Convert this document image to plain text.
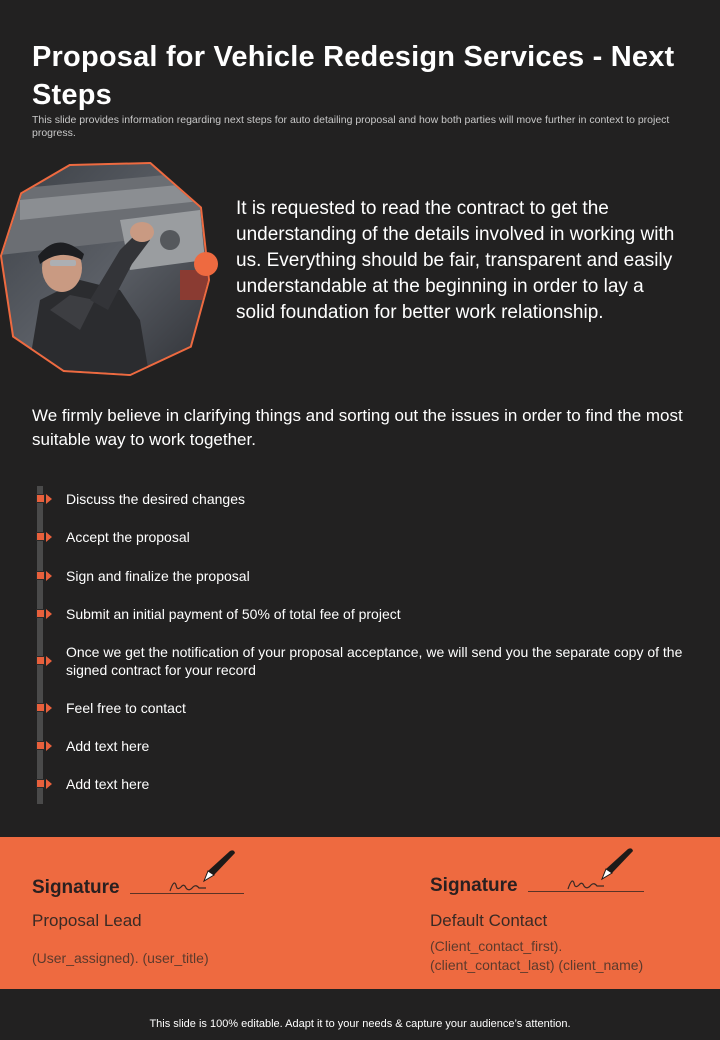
Proposal for Vehicle Redesign Services - Next Steps
This slide provides information regarding next steps for auto detailing proposal and how both parties will move further in context to project progress.
It is requested to read the contract to get the understanding of the details involved in working with us. Everything should be fair, transparent and easily understandable at the beginning in order to lay a solid foundation for better work relationship.
We firmly believe in clarifying things and sorting out the issues in order to find the most suitable way to work together.
Discuss the desired changes
Accept the proposal
Sign and finalize the proposal
Submit an initial payment of 50% of total fee of project
Once we get the notification of your proposal acceptance, we will send you the separate copy of the signed contract for your record
Feel free to contact
Add text here
Add text here
Signature
Proposal Lead
(User_assigned). (user_title)
Signature
Default Contact
(Client_contact_first).
(client_contact_last) (client_name)
This slide is 100% editable. Adapt it to your needs & capture your audience’s attention.
